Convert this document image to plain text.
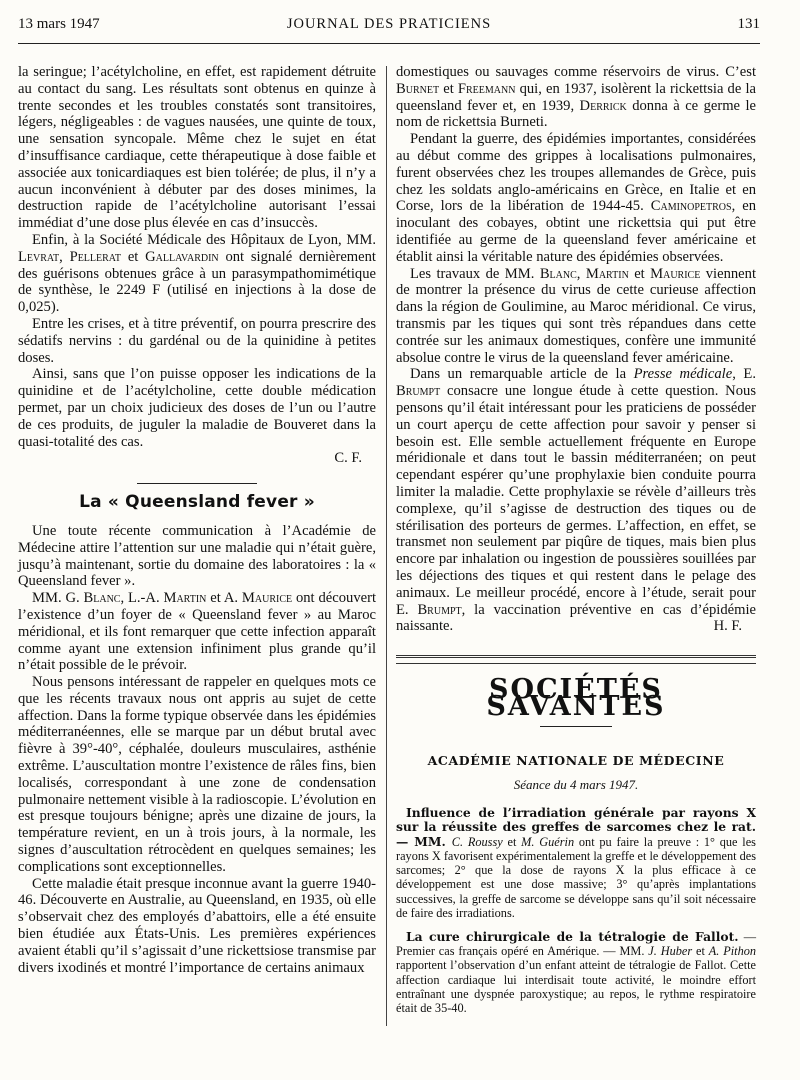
13 mars 1947	JOURNAL DES PRATICIENS	131

la seringue; l’acétylcholine, en effet, est rapidement détruite au contact du sang. Les résultats sont obtenus en quinze à trente secondes et les troubles constatés sont transitoires, légers, négligeables : de vagues nausées, une quinte de toux, une sensation syncopale. Même chez le sujet en état d’insuffisance cardiaque, cette thérapeutique à dose faible et associée aux tonicardiaques est bien tolérée; de plus, il n’y a aucun inconvénient à débuter par des doses minimes, la destruction rapide de l’acétylcholine autorisant l’essai immédiat d’une dose plus élevée en cas d’insuccès.

Enfin, à la Société Médicale des Hôpitaux de Lyon, MM. Levrat, Pellerat et Gallavardin ont signalé dernièrement des guérisons obtenues grâce à un parasympathomimétique de synthèse, le 2249 F (utilisé en injections à la dose de 0,025).

Entre les crises, et à titre préventif, on pourra prescrire des sédatifs nervins : du gardénal ou de la quinidine à petites doses.

Ainsi, sans que l’on puisse opposer les indications de la quinidine et de l’acétylcholine, cette double médication permet, par un choix judicieux des doses de l’un ou l’autre de ces produits, de juguler la maladie de Bouveret dans la quasi-totalité des cas.

C. F.
La « Queensland fever »

Une toute récente communication à l’Académie de Médecine attire l’attention sur une maladie qui n’était guère, jusqu’à maintenant, sortie du domaine des laboratoires : la « Queensland fever ».

MM. G. Blanc, L.-A. Martin et A. Maurice ont découvert l’existence d’un foyer de « Queensland fever » au Maroc méridional, et ils font remarquer que cette infection apparaît comme ayant une extension infiniment plus grande qu’il n’était possible de le prévoir.

Nous pensons intéressant de rappeler en quelques mots ce que les récents travaux nous ont appris au sujet de cette affection. Dans la forme typique observée dans les épidémies méditerranéennes, elle se marque par un début brutal avec fièvre à 39°-40°, céphalée, douleurs musculaires, asthénie extrême. L’auscultation montre l’existence de râles fins, bien localisés, correspondant à une zone de condensation pulmonaire nettement visible à la radioscopie. L’évolution en est presque toujours bénigne; après une dizaine de jours, la température revient, en un à trois jours, à la normale, les signes d’auscultation rétrocèdent en quelques semaines; les complications sont exceptionnelles.

Cette maladie était presque inconnue avant la guerre 1940-46. Découverte en Australie, au Queensland, en 1935, où elle s’observait chez des employés d’abattoirs, elle a été ensuite bien étudiée aux États-Unis. Les premières expériences avaient établi qu’il s’agissait d’une rickettsiose transmise par divers ixodinés et montré l’importance de certains animaux

domestiques ou sauvages comme réservoirs de virus. C’est Burnet et Freemann qui, en 1937, isolèrent la rickettsia de la queensland fever et, en 1939, Derrick donna à ce germe le nom de rickettsia Burneti.

Pendant la guerre, des épidémies importantes, considérées au début comme des grippes à localisations pulmonaires, furent observées chez les troupes allemandes de Grèce, puis chez les soldats anglo-américains en Grèce, en Italie et en Corse, lors de la libération de 1944-45. Caminopetros, en inoculant des cobayes, obtint une rickettsia qui put être identifiée au germe de la queensland fever américaine et établit ainsi la véritable nature des épidémies observées.

Les travaux de MM. Blanc, Martin et Maurice viennent de montrer la présence du virus de cette curieuse affection dans la région de Goulimine, au Maroc méridional. Ce virus, transmis par les tiques qui sont très répandues dans cette contrée sur les animaux domestiques, confère une immunité absolue contre le virus de la queensland fever américaine.

Dans un remarquable article de la Presse médicale, E. Brumpt consacre une longue étude à cette question. Nous pensons qu’il était intéressant pour les praticiens de posséder un court aperçu de cette affection pour savoir y penser si besoin est. Elle semble actuellement fréquente en Europe méridionale et dans tout le bassin méditerranéen; on peut cependant espérer qu’une prophylaxie bien conduite pourra limiter la maladie. Cette prophylaxie se révèle d’ailleurs très complexe, qu’il s’agisse de destruction des tiques ou de stérilisation des porteurs de germes. L’affection, en effet, se transmet non seulement par piqûre de tiques, mais bien plus encore par inhalation ou ingestion de poussières souillées par les déjections des tiques et qui restent dans le pelage des animaux. Le meilleur procédé, encore à l’étude, serait pour E. Brumpt, la vaccination préventive en cas d’épidémie naissante.	H. F.

SOCIÉTÉS SAVANTES
ACADÉMIE NATIONALE DE MÉDECINE
Séance du 4 mars 1947.

Influence de l’irradiation générale par rayons X sur la réussite des greffes de sarcomes chez le rat. — MM. C. Roussy et M. Guérin ont pu faire la preuve : 1° que les rayons X favorisent expérimentalement la greffe et le développement des sarcomes; 2° que la dose de rayons X la plus efficace à ce développement est une dose massive; 3° qu’après implantations successives, la greffe de sarcome se développe sans qu’il soit nécessaire de faire des irradiations.

La cure chirurgicale de la tétralogie de Fallot. — Premier cas français opéré en Amérique. — MM. J. Huber et A. Pithon rapportent l’observation d’un enfant atteint de tétralogie de Fallot. Cette affection cardiaque lui interdisait toute activité, le moindre effort entraînant une dyspnée paroxystique; au repos, le rythme respiratoire était de 35-40.
